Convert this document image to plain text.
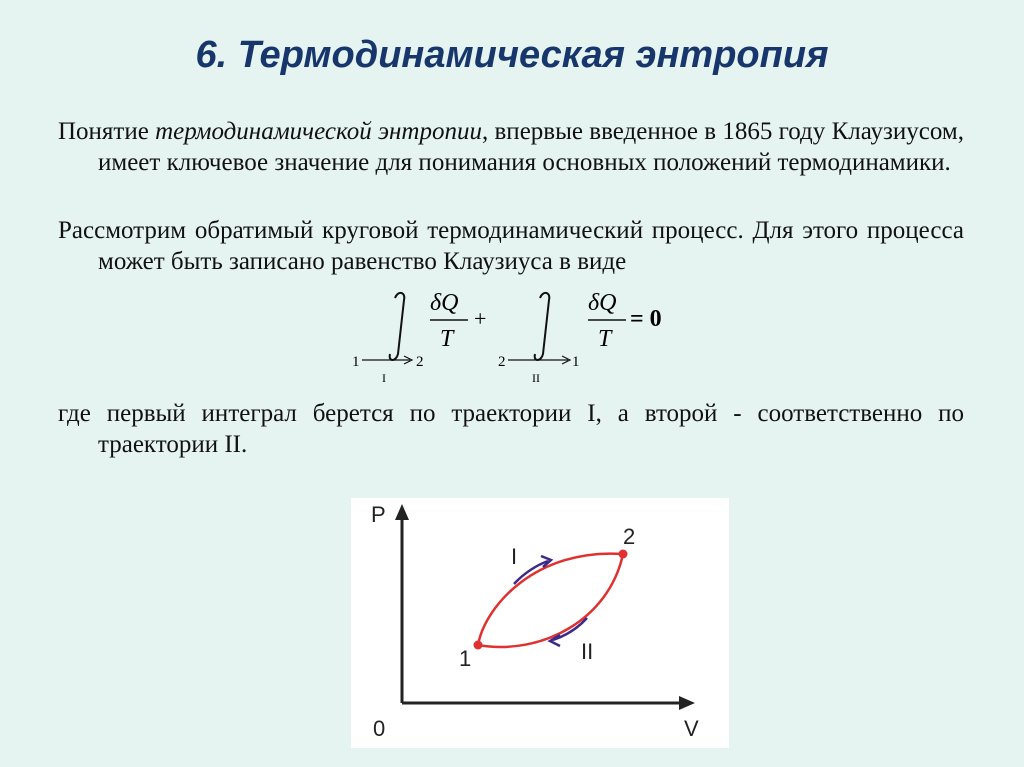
6. Термодинамическая энтропия
Понятие термодинамической энтропии, впервые введенное в 1865 году Клаузиусом, имеет ключевое значение для понимания основных положений термодинамики.
Рассмотрим обратимый круговой термодинамический процесс. Для этого процесса может быть записано равенство Клаузиуса в виде
1	2
I
δQ
T
+
2	1
II
δQ
T
= 0
где первый интеграл берется по траектории I, а второй - соответственно по траектории II.
P
V
0
1
2
I
II
